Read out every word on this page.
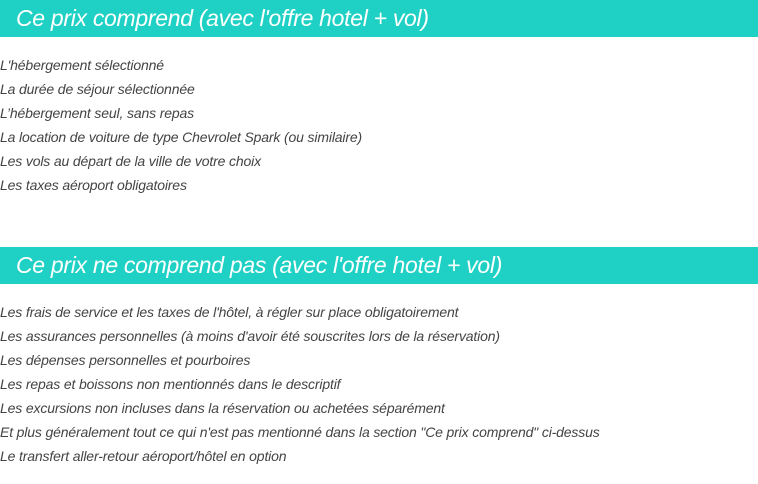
Ce prix comprend (avec l'offre hotel + vol)
L'hébergement sélectionné
La durée de séjour sélectionnée
L’hébergement seul, sans repas
La location de voiture de type Chevrolet Spark (ou similaire)
Les vols au départ de la ville de votre choix
Les taxes aéroport obligatoires
Ce prix ne comprend pas (avec l'offre hotel + vol)
Les frais de service et les taxes de l'hôtel, à régler sur place obligatoirement
Les assurances personnelles (à moins d'avoir été souscrites lors de la réservation)
Les dépenses personnelles et pourboires
Les repas et boissons non mentionnés dans le descriptif
Les excursions non incluses dans la réservation ou achetées séparément
Et plus généralement tout ce qui n'est pas mentionné dans la section "Ce prix comprend" ci-dessus
Le transfert aller-retour aéroport/hôtel en option
